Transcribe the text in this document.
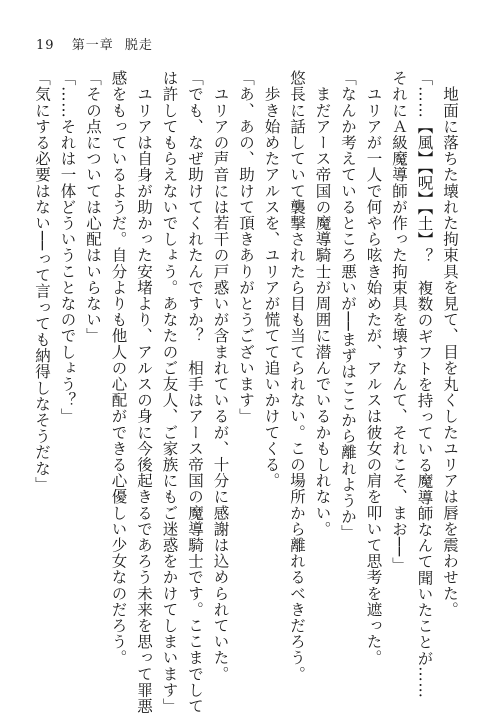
19 第一章 脱走
　地面に落ちた壊れた拘束具を見て、目を丸くしたユリアは唇を震わせた。
「……【風】【呪】【土】？　複数のギフトを持っている魔導師なんて聞いたことが……
それにＡ級魔導師が作った拘束具を壊すなんて、それこそ、まお──」
　ユリアが一人で何やら呟き始めたが、アルスは彼女の肩を叩いて思考を遮った。
「なんか考えているところ悪いが──まずはここから離れようか」
　まだアース帝国の魔導騎士が周囲に潜んでいるかもしれない。
悠長に話していて襲撃されたら目も当てられない。この場所から離れるべきだろう。
　歩き始めたアルスを、ユリアが慌てて追いかけてくる。
「あ、あの、助けて頂きありがとうございます」
　ユリアの声音には若干の戸惑いが含まれているが、十分に感謝は込められていた。
「でも、なぜ助けてくれたんですか？　相手はアース帝国の魔導騎士です。ここまでして
は許してもらえないでしょう。あなたのご友人、ご家族にもご迷惑をかけてしまいます」
　ユリアは自身が助かった安堵より、アルスの身に今後起きるであろう未来を思って罪悪
感をもっているようだ。自分よりも他人の心配ができる心優しい少女なのだろう。
「その点については心配はいらない」
「……それは一体どういうことなのでしょう？」
「気にする必要はない──って言っても納得しなそうだな」
